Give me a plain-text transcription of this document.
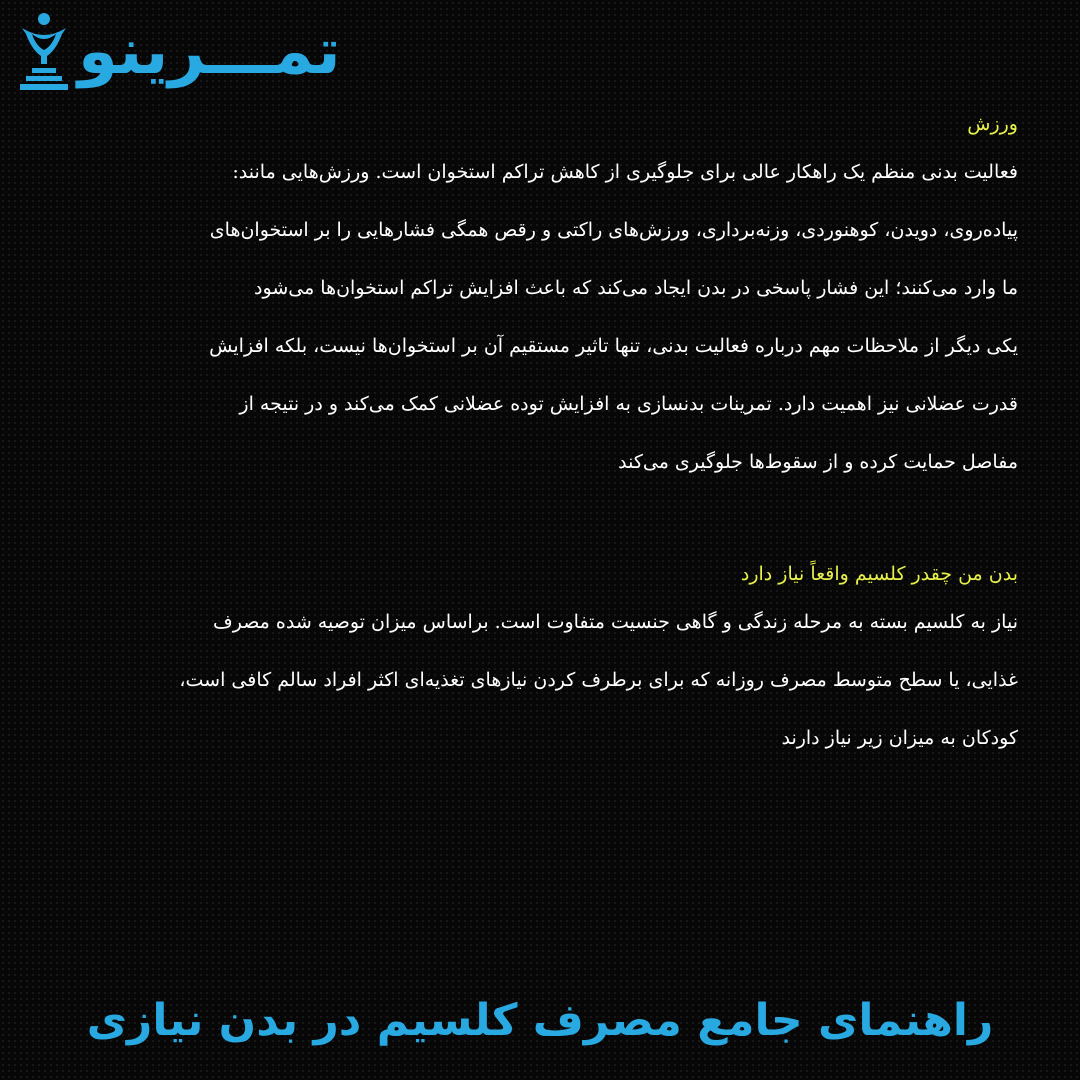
تمـــرینو
ورزش
فعالیت بدنی منظم یک راهکار عالی برای جلوگیری از کاهش تراکم استخوان است. ورزش‌هایی مانند:
پیاده‌روی، دویدن، کوهنوردی، وزنه‌برداری، ورزش‌های راکتی و رقص همگی فشارهایی را بر استخوان‌های
ما وارد می‌کنند؛ این فشار پاسخی در بدن ایجاد می‌کند که باعث افزایش تراکم استخوان‌ها می‌شود
یکی دیگر از ملاحظات مهم درباره فعالیت بدنی، تنها تاثیر مستقیم آن بر استخوان‌ها نیست، بلکه افزایش
قدرت عضلانی نیز اهمیت دارد. تمرینات بدنسازی به افزایش توده عضلانی کمک می‌کند و در نتیجه از
مفاصل حمایت کرده و از سقوط‌ها جلوگیری می‌کند
بدن من چقدر کلسیم واقعاً نیاز دارد
نیاز به کلسیم بسته به مرحله زندگی و گاهی جنسیت متفاوت است. براساس میزان توصیه شده مصرف
غذایی، یا سطح متوسط مصرف روزانه که برای برطرف کردن نیازهای تغذیه‌ای اکثر افراد سالم کافی است،
کودکان به میزان زیر نیاز دارند
راهنمای جامع مصرف کلسیم در بدن نیازی
